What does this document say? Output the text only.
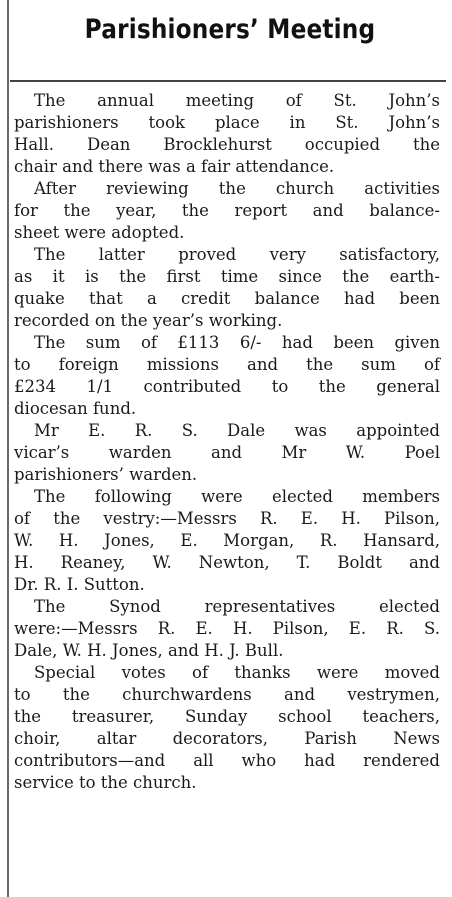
Parishioners’ Meeting
The annual meeting of St. John’s
parishioners took place in St. John’s
Hall. Dean Brocklehurst occupied the
chair and there was a fair attendance.
After reviewing the church activities
for the year, the report and balance-
sheet were adopted.
The latter proved very satisfactory,
as it is the first time since the earth-
quake that a credit balance had been
recorded on the year’s working.
The sum of £113 6/- had been given
to foreign missions and the sum of
£234 1/1 contributed to the general
diocesan fund.
Mr E. R. S. Dale was appointed
vicar’s warden and Mr W. Poel
parishioners’ warden.
The following were elected members
of the vestry:—Messrs R. E. H. Pilson,
W. H. Jones, E. Morgan, R. Hansard,
H. Reaney, W. Newton, T. Boldt and
Dr. R. I. Sutton.
The Synod representatives elected
were:—Messrs R. E. H. Pilson, E. R. S.
Dale, W. H. Jones, and H. J. Bull.
Special votes of thanks were moved
to the churchwardens and vestrymen,
the treasurer, Sunday school teachers,
choir, altar decorators, Parish News
contributors—and all who had rendered
service to the church.
